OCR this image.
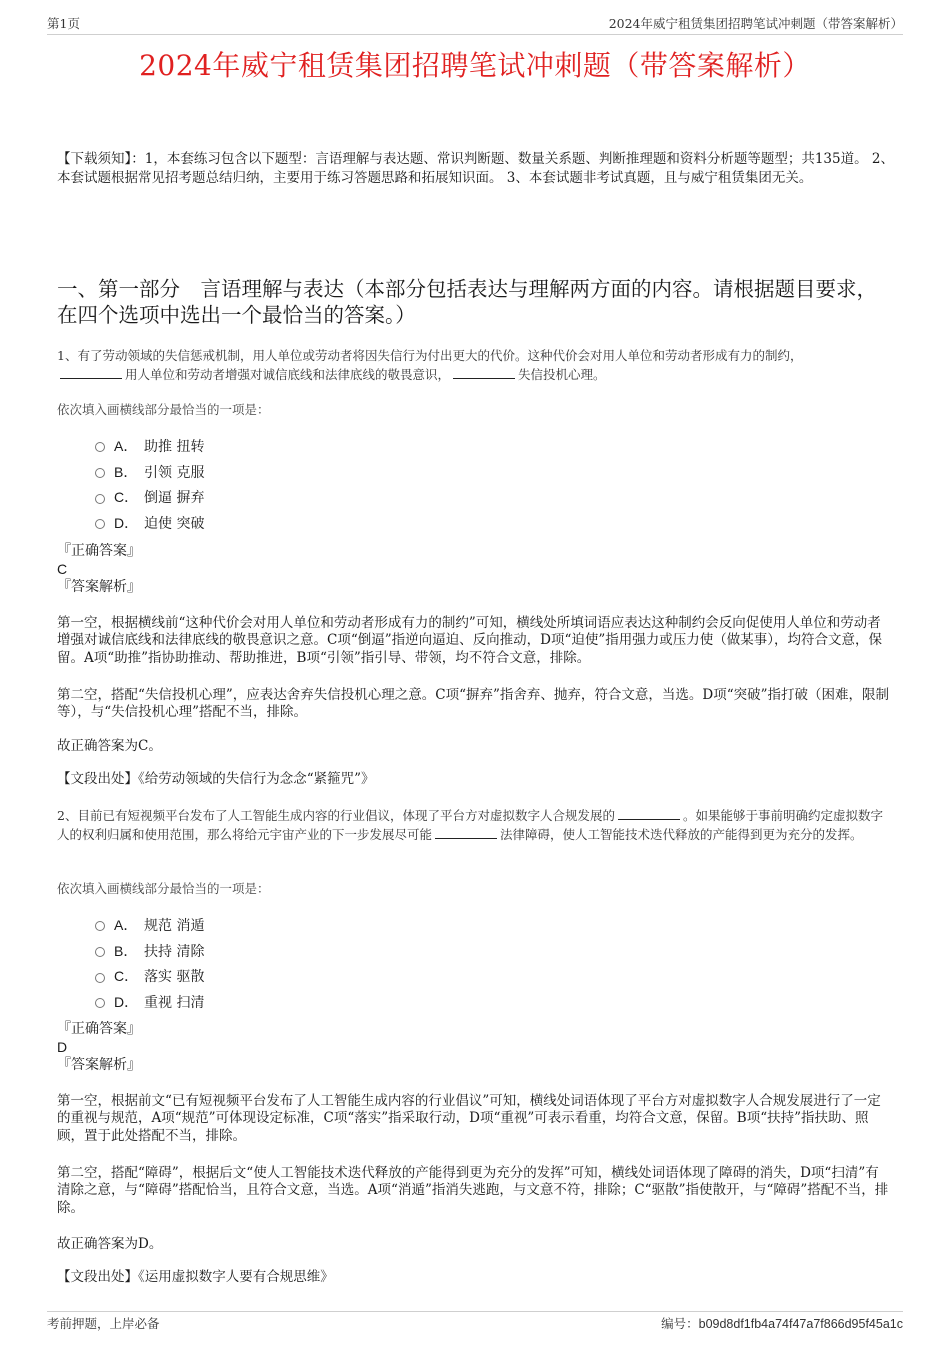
第1页	2024年威宁租赁集团招聘笔试冲刺题（带答案解析）
2024年威宁租赁集团招聘笔试冲刺题（带答案解析）
【下载须知】：1，本套练习包含以下题型：言语理解与表达题、常识判断题、数量关系题、判断推理题和资料分析题等题型；共135道。 2、本套试题根据常见招考题总结归纳，主要用于练习答题思路和拓展知识面。 3、本套试题非考试真题，且与威宁租赁集团无关。
一、第一部分　言语理解与表达（本部分包括表达与理解两方面的内容。请根据题目要求，在四个选项中选出一个最恰当的答案。）

1、有了劳动领域的失信惩戒机制，用人单位或劳动者将因失信行为付出更大的代价。这种代价会对用人单位和劳动者形成有力的制约，
用人单位和劳动者增强对诚信底线和法律底线的敬畏意识，	失信投机心理。

依次填入画横线部分最恰当的一项是：

A． 助推 扭转
B． 引领 克服
C． 倒逼 摒弃
D． 迫使 突破

『正确答案』

C

『答案解析』

第一空，根据横线前“这种代价会对用人单位和劳动者形成有力的制约”可知，横线处所填词语应表达这种制约会反向促使用人单位和劳动者增强对诚信底线和法律底线的敬畏意识之意。C项“倒逼”指逆向逼迫、反向推动，D项“迫使”指用强力或压力使（做某事），均符合文意，保留。A项“助推”指协助推动、帮助推进，B项“引领”指引导、带领，均不符合文意，排除。

第二空，搭配“失信投机心理”，应表达舍弃失信投机心理之意。C项“摒弃”指舍弃、抛弃，符合文意，当选。D项“突破”指打破（困难，限制等），与“失信投机心理”搭配不当，排除。

故正确答案为C。

【文段出处】《给劳动领域的失信行为念念“紧箍咒”》

2、目前已有短视频平台发布了人工智能生成内容的行业倡议，体现了平台方对虚拟数字人合规发展的	。如果能够于事前明确约定虚拟数字人的权利归属和使用范围，那么将给元宇宙产业的下一步发展尽可能	法律障碍，使人工智能技术迭代释放的产能得到更为充分的发挥。

依次填入画横线部分最恰当的一项是：

A． 规范 消遁
B． 扶持 清除
C． 落实 驱散
D． 重视 扫清

『正确答案』

D

『答案解析』

第一空，根据前文“已有短视频平台发布了人工智能生成内容的行业倡议”可知，横线处词语体现了平台方对虚拟数字人合规发展进行了一定的重视与规范，A项“规范”可体现设定标准，C项“落实”指采取行动，D项“重视”可表示看重，均符合文意，保留。B项“扶持”指扶助、照顾，置于此处搭配不当，排除。

第二空，搭配“障碍”，根据后文“使人工智能技术迭代释放的产能得到更为充分的发挥”可知，横线处词语体现了障碍的消失，D项“扫清”有清除之意，与“障碍”搭配恰当，且符合文意，当选。A项“消遁”指消失逃跑，与文意不符，排除；C“驱散”指使散开，与“障碍”搭配不当，排除。

故正确答案为D。

【文段出处】《运用虚拟数字人要有合规思维》

考前押题，上岸必备	编号：b09d8df1fb4a74f47a7f866d95f45a1c
